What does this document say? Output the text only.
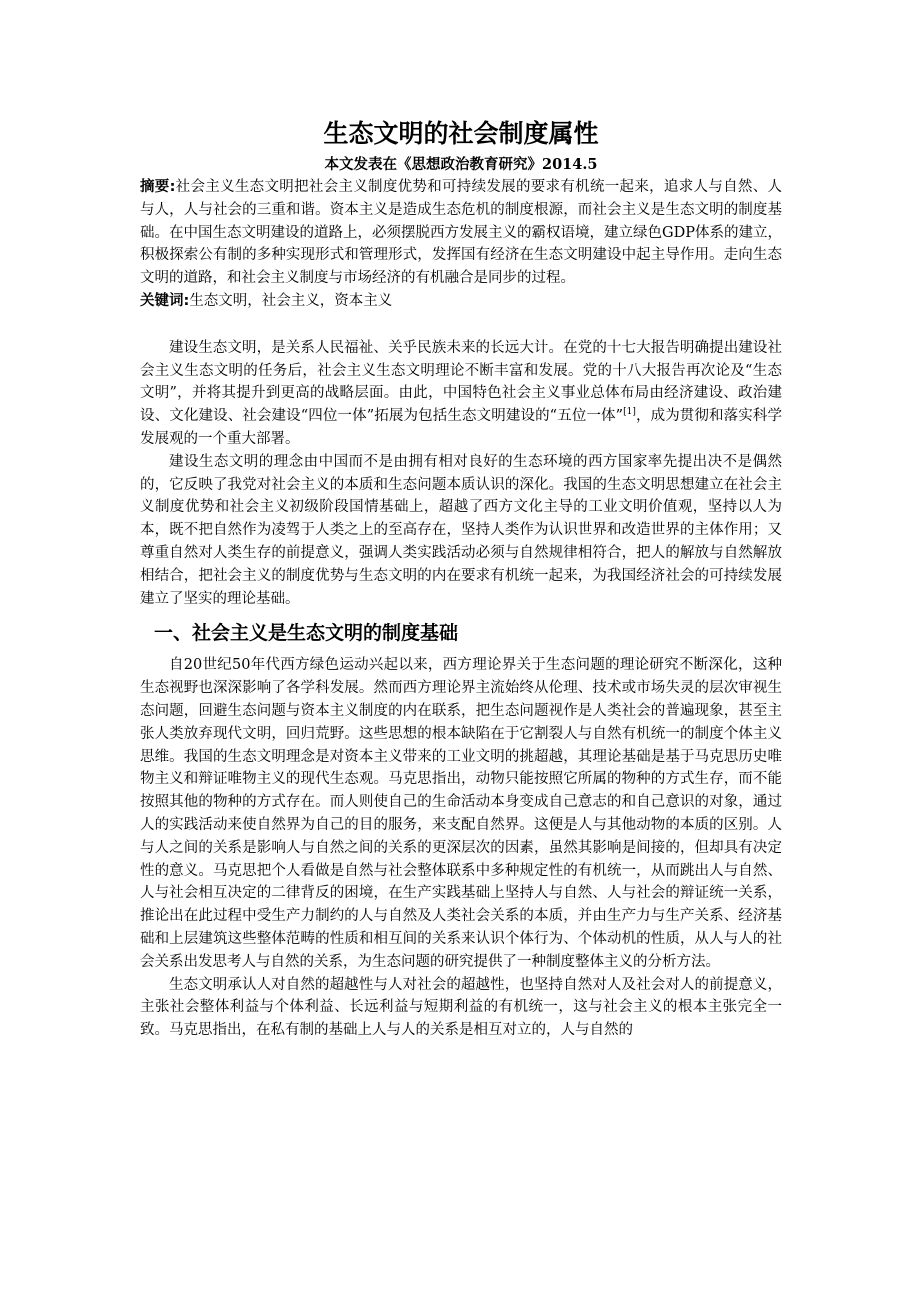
生态文明的社会制度属性
本文发表在《思想政治教育研究》2014.5

摘要:社会主义生态文明把社会主义制度优势和可持续发展的要求有机统一起来，追求人与自然、人与人，人与社会的三重和谐。资本主义是造成生态危机的制度根源，而社会主义是生态文明的制度基础。在中国生态文明建设的道路上，必须摆脱西方发展主义的霸权语境，建立绿色GDP体系的建立，积极探索公有制的多种实现形式和管理形式，发挥国有经济在生态文明建设中起主导作用。走向生态文明的道路，和社会主义制度与市场经济的有机融合是同步的过程。

关键词:生态文明，社会主义，资本主义

建设生态文明，是关系人民福祉、关乎民族未来的长远大计。在党的十七大报告明确提出建设社会主义生态文明的任务后，社会主义生态文明理论不断丰富和发展。党的十八大报告再次论及“生态文明”，并将其提升到更高的战略层面。由此，中国特色社会主义事业总体布局由经济建设、政治建设、文化建设、社会建设“四位一体”拓展为包括生态文明建设的“五位一体”[1]，成为贯彻和落实科学发展观的一个重大部署。

建设生态文明的理念由中国而不是由拥有相对良好的生态环境的西方国家率先提出决不是偶然的，它反映了我党对社会主义的本质和生态问题本质认识的深化。我国的生态文明思想建立在社会主义制度优势和社会主义初级阶段国情基础上，超越了西方文化主导的工业文明价值观，坚持以人为本，既不把自然作为凌驾于人类之上的至高存在，坚持人类作为认识世界和改造世界的主体作用；又尊重自然对人类生存的前提意义，强调人类实践活动必须与自然规律相符合，把人的解放与自然解放相结合，把社会主义的制度优势与生态文明的内在要求有机统一起来，为我国经济社会的可持续发展建立了坚实的理论基础。

一、社会主义是生态文明的制度基础

自20世纪50年代西方绿色运动兴起以来，西方理论界关于生态问题的理论研究不断深化，这种生态视野也深深影响了各学科发展。然而西方理论界主流始终从伦理、技术或市场失灵的层次审视生态问题，回避生态问题与资本主义制度的内在联系，把生态问题视作是人类社会的普遍现象，甚至主张人类放弃现代文明，回归荒野。这些思想的根本缺陷在于它割裂人与自然有机统一的制度个体主义思维。我国的生态文明理念是对资本主义带来的工业文明的挑超越，其理论基础是基于马克思历史唯物主义和辩证唯物主义的现代生态观。马克思指出，动物只能按照它所属的物种的方式生存，而不能按照其他的物种的方式存在。而人则使自己的生命活动本身变成自己意志的和自己意识的对象，通过人的实践活动来使自然界为自己的目的服务，来支配自然界。这便是人与其他动物的本质的区别。人与人之间的关系是影响人与自然之间的关系的更深层次的因素，虽然其影响是间接的，但却具有决定性的意义。马克思把个人看做是自然与社会整体联系中多种规定性的有机统一，从而跳出人与自然、人与社会相互决定的二律背反的困境，在生产实践基础上坚持人与自然、人与社会的辩证统一关系，推论出在此过程中受生产力制约的人与自然及人类社会关系的本质，并由生产力与生产关系、经济基础和上层建筑这些整体范畴的性质和相互间的关系来认识个体行为、个体动机的性质，从人与人的社会关系出发思考人与自然的关系，为生态问题的研究提供了一种制度整体主义的分析方法。

生态文明承认人对自然的超越性与人对社会的超越性，也坚持自然对人及社会对人的前提意义，主张社会整体利益与个体利益、长远利益与短期利益的有机统一，这与社会主义的根本主张完全一致。马克思指出，在私有制的基础上人与人的关系是相互对立的，人与自然的
